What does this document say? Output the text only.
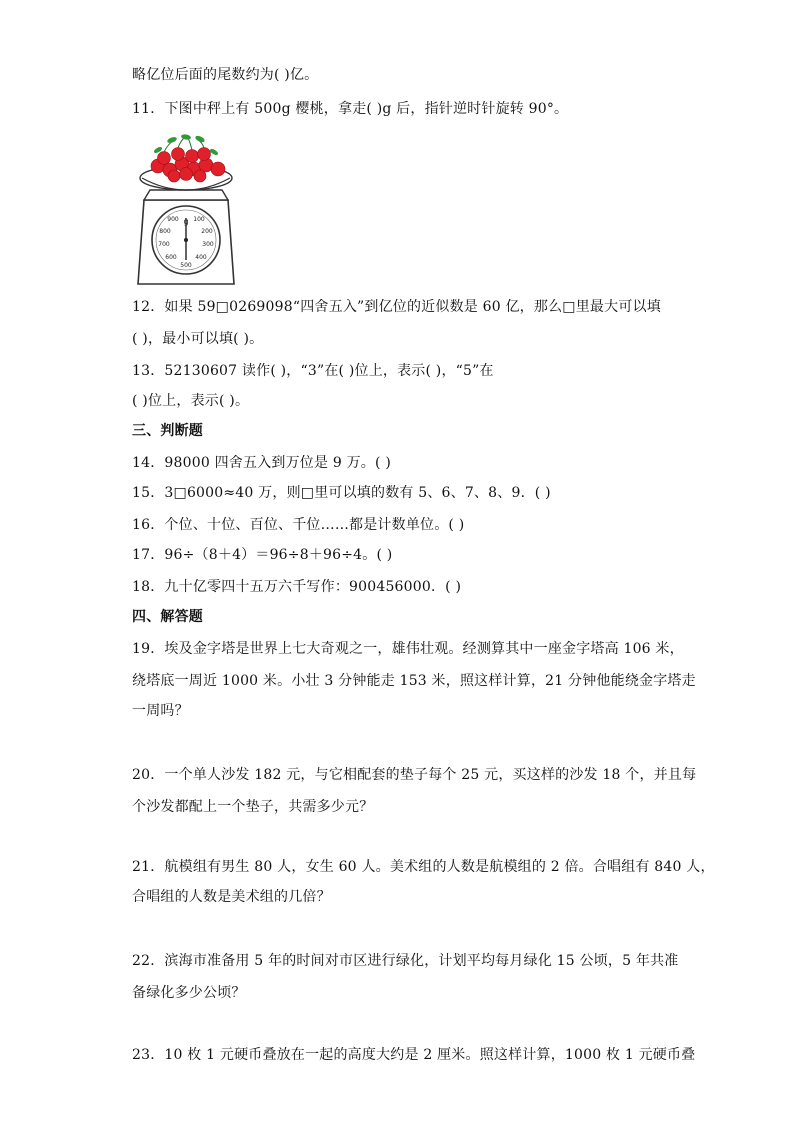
略亿位后面的尾数约为( )亿。
11．下图中秤上有 500g 樱桃，拿走( )g 后，指针逆时针旋转 90°。
g
900 100
800	200
700	300
600	400
500
12．如果 59□0269098“四舍五入”到亿位的近似数是 60 亿，那么□里最大可以填
( )，最小可以填( )。
13．52130607 读作( )，“3”在( )位上，表示( )，“5”在
( )位上，表示( )。
三、判断题
14．98000 四舍五入到万位是 9 万。( )
15．3□6000≈40 万，则□里可以填的数有 5、6、7、8、9．( )
16．个位、十位、百位、千位……都是计数单位。( )
17．96÷（8＋4）＝96÷8＋96÷4。( )
18．九十亿零四十五万六千写作：900456000．( )
四、解答题
19．埃及金字塔是世界上七大奇观之一，雄伟壮观。经测算其中一座金字塔高 106 米，
绕塔底一周近 1000 米。小壮 3 分钟能走 153 米，照这样计算，21 分钟他能绕金字塔走
一周吗？
20．一个单人沙发 182 元，与它相配套的垫子每个 25 元，买这样的沙发 18 个，并且每
个沙发都配上一个垫子，共需多少元？
21．航模组有男生 80 人，女生 60 人。美术组的人数是航模组的 2 倍。合唱组有 840 人，
合唱组的人数是美术组的几倍？
22．滨海市准备用 5 年的时间对市区进行绿化，计划平均每月绿化 15 公顷，5 年共准
备绿化多少公顷？
23．10 枚 1 元硬币叠放在一起的高度大约是 2 厘米。照这样计算，1000 枚 1 元硬币叠
